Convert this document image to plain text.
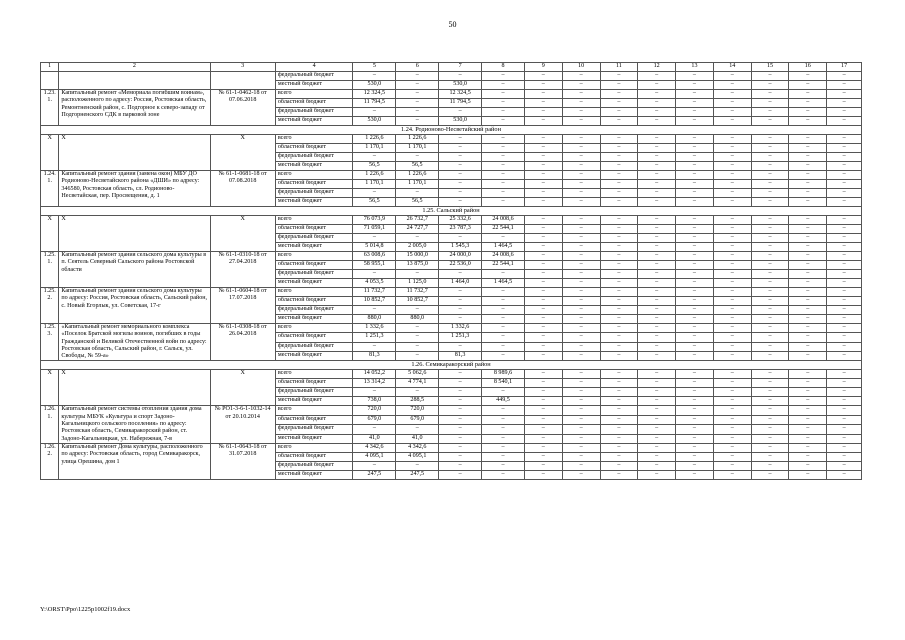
50
1	2	3	4	5	6	7	8	9	10	11	12	13	14	15	16	17
			федеральный бюджет	–	–	–	–	–	–	–	–	–	–	–	–	–
			местный бюджет	530,0	–	530,0	–	–	–	–	–	–	–	–	–	–
1.23.1.	Капитальный ремонт «Мемориала погибшим воинам», расположенного по адресу: Россия, Ростовская область, Ремонтненский район, с. Подгорное к северо-западу от Подгорненского СДК в парковой зоне	№ 61-1-0462-18 от 07.06.2018	всего	12 324,5	–	12 324,5	–	–	–	–	–	–	–	–	–	–
			областной бюджет	11 794,5	–	11 794,5	–	–	–	–	–	–	–	–	–	–
			федеральный бюджет	–	–	–	–	–	–	–	–	–	–	–	–	–
			местный бюджет	530,0	–	530,0	–	–	–	–	–	–	–	–	–	–
1.24. Родионово-Несветайский район																
Х	Х	Х	всего	1 226,6	1 226,6	–	–	–	–	–	–	–	–	–	–	–
			областной бюджет	1 170,1	1 170,1	–	–	–	–	–	–	–	–	–	–	–
			федеральный бюджет	–	–	–	–	–	–	–	–	–	–	–	–	–
			местный бюджет	56,5	56,5	–	–	–	–	–	–	–	–	–	–	–
1.24.1.	Капитальный ремонт здания (замена окон) МБУ ДО Родионово-Несветайского района «ДШИ» по адресу: 346580, Ростовская область, сл. Родионово-Несветайская, пер. Просвещения, д. 1	№ 61-1-0681-18 от 07.08.2018	всего	1 226,6	1 226,6	–	–	–	–	–	–	–	–	–	–	–
			областной бюджет	1 170,1	1 170,1	–	–	–	–	–	–	–	–	–	–	–
			федеральный бюджет	–	–	–	–	–	–	–	–	–	–	–	–	–
			местный бюджет	56,5	56,5	–	–	–	–	–	–	–	–	–	–	–
1.25. Сальский район																
Х	Х	Х	всего	76 073,9	26 732,7	25 332,6	24 008,6	–	–	–	–	–	–	–	–	–
			областной бюджет	71 059,1	24 727,7	23 787,3	22 544,1	–	–	–	–	–	–	–	–	–
			федеральный бюджет	–	–	–	–	–	–	–	–	–	–	–	–	–
			местный бюджет	5 014,8	2 005,0	1 545,3	1 464,5	–	–	–	–	–	–	–	–	–
1.25.1.	Капитальный ремонт здания сельского дома культуры в п. Сеятель Северный Сальского района Ростовской области	№ 61-1-0310-18 от 27.04.2018	всего	63 008,6	15 000,0	24 000,0	24 008,6	–	–	–	–	–	–	–	–	–
			областной бюджет	58 955,1	13 875,0	22 536,0	22 544,1	–	–	–	–	–	–	–	–	–
			федеральный бюджет	–	–	–	–	–	–	–	–	–	–	–	–	–
			местный бюджет	4 053,5	1 125,0	1 464,0	1 464,5	–	–	–	–	–	–	–	–	–
1.25.2.	Капитальный ремонт здания сельского дома культуры по адресу: Россия, Ростовская область, Сальский район, с. Новый Егорлык, ул. Советская, 17-г	№ 61-1-0604-18 от 17.07.2018	всего	11 732,7	11 732,7	–	–	–	–	–	–	–	–	–	–	–
			областной бюджет	10 852,7	10 852,7	–	–	–	–	–	–	–	–	–	–	–
			федеральный бюджет	–	–	–	–	–	–	–	–	–	–	–	–	–
			местный бюджет	880,0	880,0	–	–	–	–	–	–	–	–	–	–	–
1.25.3.	«Капитальный ремонт мемориального комплекса «Поселок Братской могилы воинов, погибших в годы Гражданской и Великой Отечественной войн по адресу: Ростовская область, Сальский район, г. Сальск, ул. Свободы, № 59-а»	№ 61-1-0308-18 от 26.04.2018	всего	1 332,6	–	1 332,6	–	–	–	–	–	–	–	–	–	–
			областной бюджет	1 251,3	–	1 251,3	–	–	–	–	–	–	–	–	–	–
			федеральный бюджет	–	–	–	–	–	–	–	–	–	–	–	–	–
			местный бюджет	81,3	–	81,3	–	–	–	–	–	–	–	–	–	–
1.26. Семикаракорский район																
Х	Х	Х	всего	14 052,2	5 062,6	–	8 989,6	–	–	–	–	–	–	–	–	–
			областной бюджет	13 314,2	4 774,1	–	8 540,1	–	–	–	–	–	–	–	–	–
			федеральный бюджет	–	–	–	–	–	–	–	–	–	–	–	–	–
			местный бюджет	738,0	288,5	–	449,5	–	–	–	–	–	–	–	–	–
1.26.1.	Капитальный ремонт системы отопления здания дома культуры МБУК «Культура и спорт Задоно-Кагальницкого сельского поселения» по адресу: Ростовская область, Семикаракорский район, ст. Задоно-Кагальницкая, ул. Набережная, 7-в	№ РО1-3-6-1-1032-14 от 20.10.2014	всего	720,0	720,0	–	–	–	–	–	–	–	–	–	–	–
			областной бюджет	679,0	679,0	–	–	–	–	–	–	–	–	–	–	–
			федеральный бюджет	–	–	–	–	–	–	–	–	–	–	–	–	–
			местный бюджет	41,0	41,0	–	–	–	–	–	–	–	–	–	–	–
1.26.2.	Капитальный ремонт Дома культуры, расположенного по адресу: Ростовская область, город Семикаракорск, улица Орешина, дом 1	№ 61-1-0643-18 от 31.07.2018	всего	4 342,6	4 342,6	–	–	–	–	–	–	–	–	–	–	–
			областной бюджет	4 095,1	4 095,1	–	–	–	–	–	–	–	–	–	–	–
			федеральный бюджет	–	–	–	–	–	–	–	–	–	–	–	–	–
			местный бюджет	247,5	247,5	–	–	–	–	–	–	–	–	–	–	–
Y:\ORST\Ppo\1225p1002f19.docx
